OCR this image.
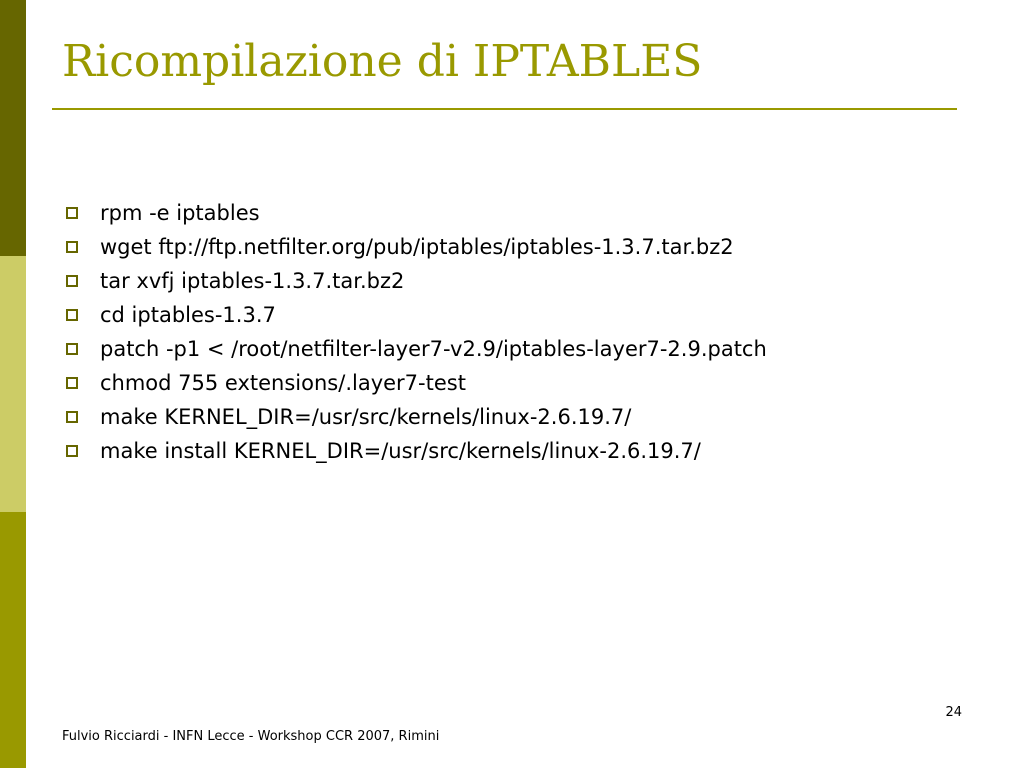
Ricompilazione di IPTABLES
rpm -e iptables
wget ftp://ftp.netfilter.org/pub/iptables/iptables-1.3.7.tar.bz2
tar xvfj iptables-1.3.7.tar.bz2
cd iptables-1.3.7
patch -p1 < /root/netfilter-layer7-v2.9/iptables-layer7-2.9.patch
chmod 755 extensions/.layer7-test
make KERNEL_DIR=/usr/src/kernels/linux-2.6.19.7/
make install KERNEL_DIR=/usr/src/kernels/linux-2.6.19.7/
24
Fulvio Ricciardi - INFN Lecce - Workshop CCR 2007, Rimini
